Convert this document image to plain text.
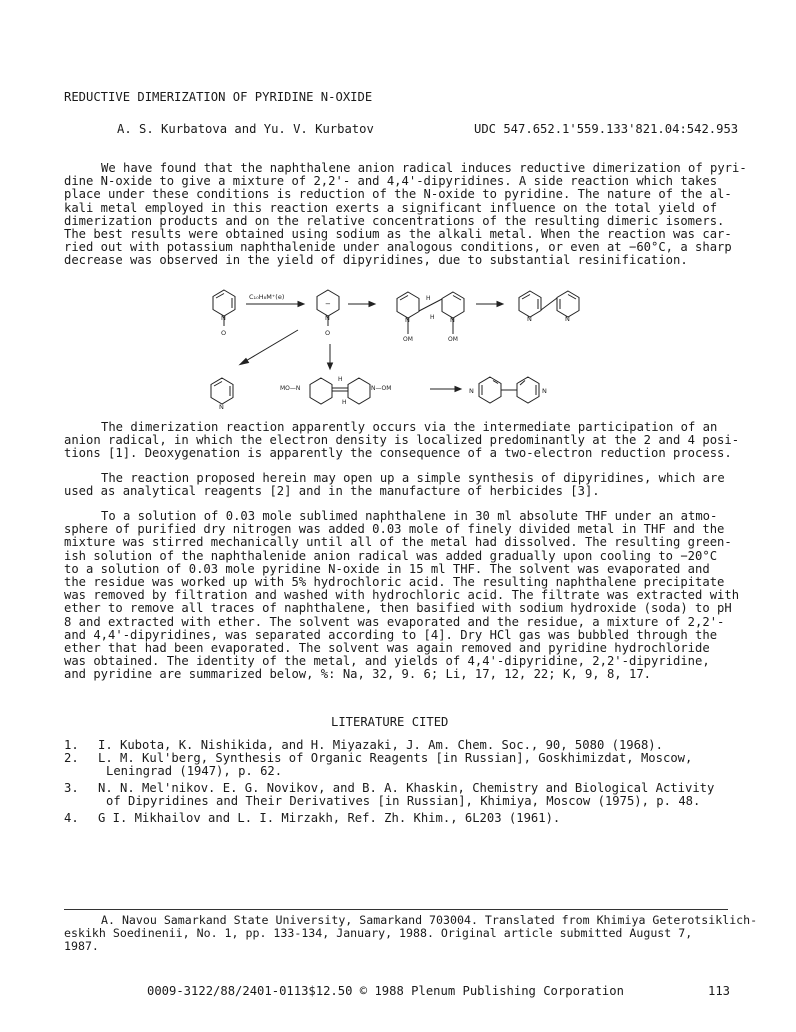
REDUCTIVE DIMERIZATION OF PYRIDINE N-OXIDE

A. S. Kurbatova and Yu. V. Kurbatov	UDC 547.652.1'559.133'821.04:542.953

We have found that the naphthalene anion radical induces reductive dimerization of pyri-
dine N-oxide to give a mixture of 2,2'- and 4,4'-dipyridines. A side reaction which takes
place under these conditions is reduction of the N-oxide to pyridine. The nature of the al-
kali metal employed in this reaction exerts a significant influence on the total yield of
dimerization products and on the relative concentrations of the resulting dimeric isomers.
The best results were obtained using sodium as the alkali metal. When the reaction was car-
ried out with potassium naphthalenide under analogous conditions, or even at −60°C, a sharp
decrease was observed in the yield of dipyridines, due to substantial resinification.
N
O
C₁₀H₈M⁺(e)
−
N
O
N
OM
H
H N
OM
N	N
N
MO—N
H
H
N—OM	N	N
The dimerization reaction apparently occurs via the intermediate participation of an
anion radical, in which the electron density is localized predominantly at the 2 and 4 posi-
tions [1]. Deoxygenation is apparently the consequence of a two-electron reduction process.
The reaction proposed herein may open up a simple synthesis of dipyridines, which are
used as analytical reagents [2] and in the manufacture of herbicides [3].
To a solution of 0.03 mole sublimed naphthalene in 30 ml absolute THF under an atmo-
sphere of purified dry nitrogen was added 0.03 mole of finely divided metal in THF and the
mixture was stirred mechanically until all of the metal had dissolved. The resulting green-
ish solution of the naphthalenide anion radical was added gradually upon cooling to −20°C
to a solution of 0.03 mole pyridine N-oxide in 15 ml THF. The solvent was evaporated and
the residue was worked up with 5% hydrochloric acid. The resulting naphthalene precipitate
was removed by filtration and washed with hydrochloric acid. The filtrate was extracted with
ether to remove all traces of naphthalene, then basified with sodium hydroxide (soda) to pH
8 and extracted with ether. The solvent was evaporated and the residue, a mixture of 2,2'-
and 4,4'-dipyridines, was separated according to [4]. Dry HCl gas was bubbled through the
ether that had been evaporated. The solvent was again removed and pyridine hydrochloride
was obtained. The identity of the metal, and yields of 4,4'-dipyridine, 2,2'-dipyridine,
and pyridine are summarized below, %: Na, 32, 9. 6; Li, 17, 12, 22; K, 9, 8, 17.

LITERATURE CITED

1. I. Kubota, K. Nishikida, and H. Miyazaki, J. Am. Chem. Soc., 90, 5080 (1968).
2. L. M. Kul'berg, Synthesis of Organic Reagents [in Russian], Goskhimizdat, Moscow,
Leningrad (1947), p. 62.
3. N. N. Mel'nikov. E. G. Novikov, and B. A. Khaskin, Chemistry and Biological Activity
of Dipyridines and Their Derivatives [in Russian], Khimiya, Moscow (1975), p. 48.
4. G I. Mikhailov and L. I. Mirzakh, Ref. Zh. Khim., 6L203 (1961).
A. Navou Samarkand State University, Samarkand 703004. Translated from Khimiya Geterotsiklich-
eskikh Soedinenii, No. 1, pp. 133-134, January, 1988. Original article submitted August 7,
1987.

0009-3122/88/2401-0113$12.50 © 1988 Plenum Publishing Corporation	113
